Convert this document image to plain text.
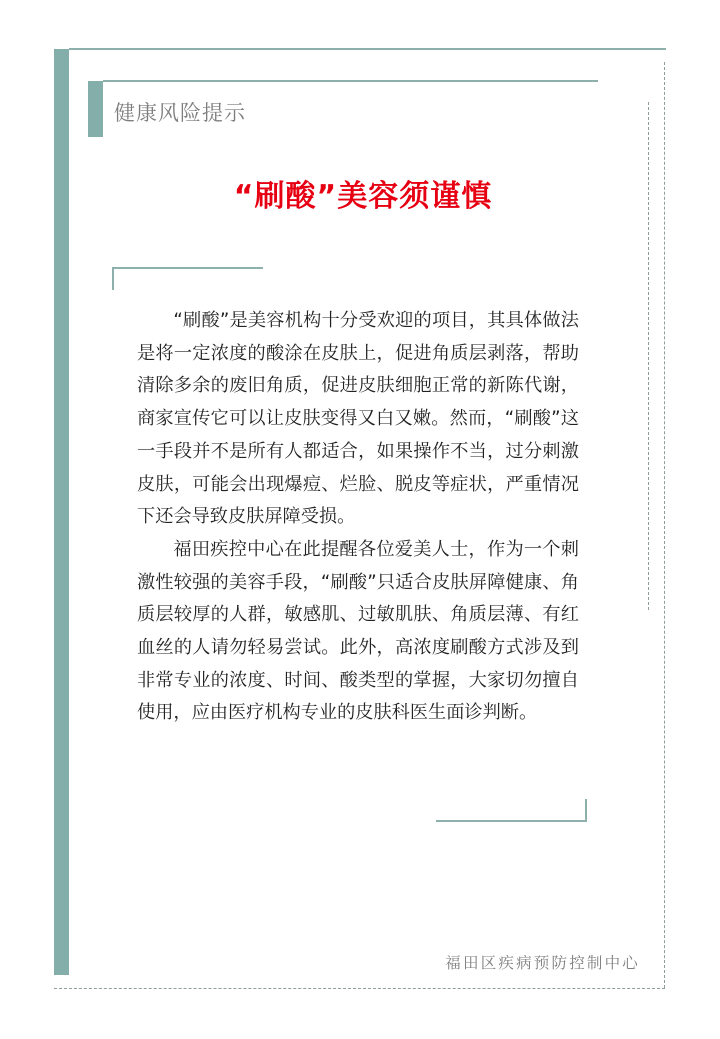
健康风险提示
“刷酸”美容须谨慎

“刷酸”是美容机构十分受欢迎的项目，其具体做法是将一定浓度的酸涂在皮肤上，促进角质层剥落，帮助清除多余的废旧角质，促进皮肤细胞正常的新陈代谢，商家宣传它可以让皮肤变得又白又嫩。然而，“刷酸”这一手段并不是所有人都适合，如果操作不当，过分刺激皮肤，可能会出现爆痘、烂脸、脱皮等症状，严重情况下还会导致皮肤屏障受损。

福田疾控中心在此提醒各位爱美人士，作为一个刺激性较强的美容手段，“刷酸”只适合皮肤屏障健康、角质层较厚的人群，敏感肌、过敏肌肤、角质层薄、有红血丝的人请勿轻易尝试。此外，高浓度刷酸方式涉及到非常专业的浓度、时间、酸类型的掌握，大家切勿擅自使用，应由医疗机构专业的皮肤科医生面诊判断。

福田区疾病预防控制中心
